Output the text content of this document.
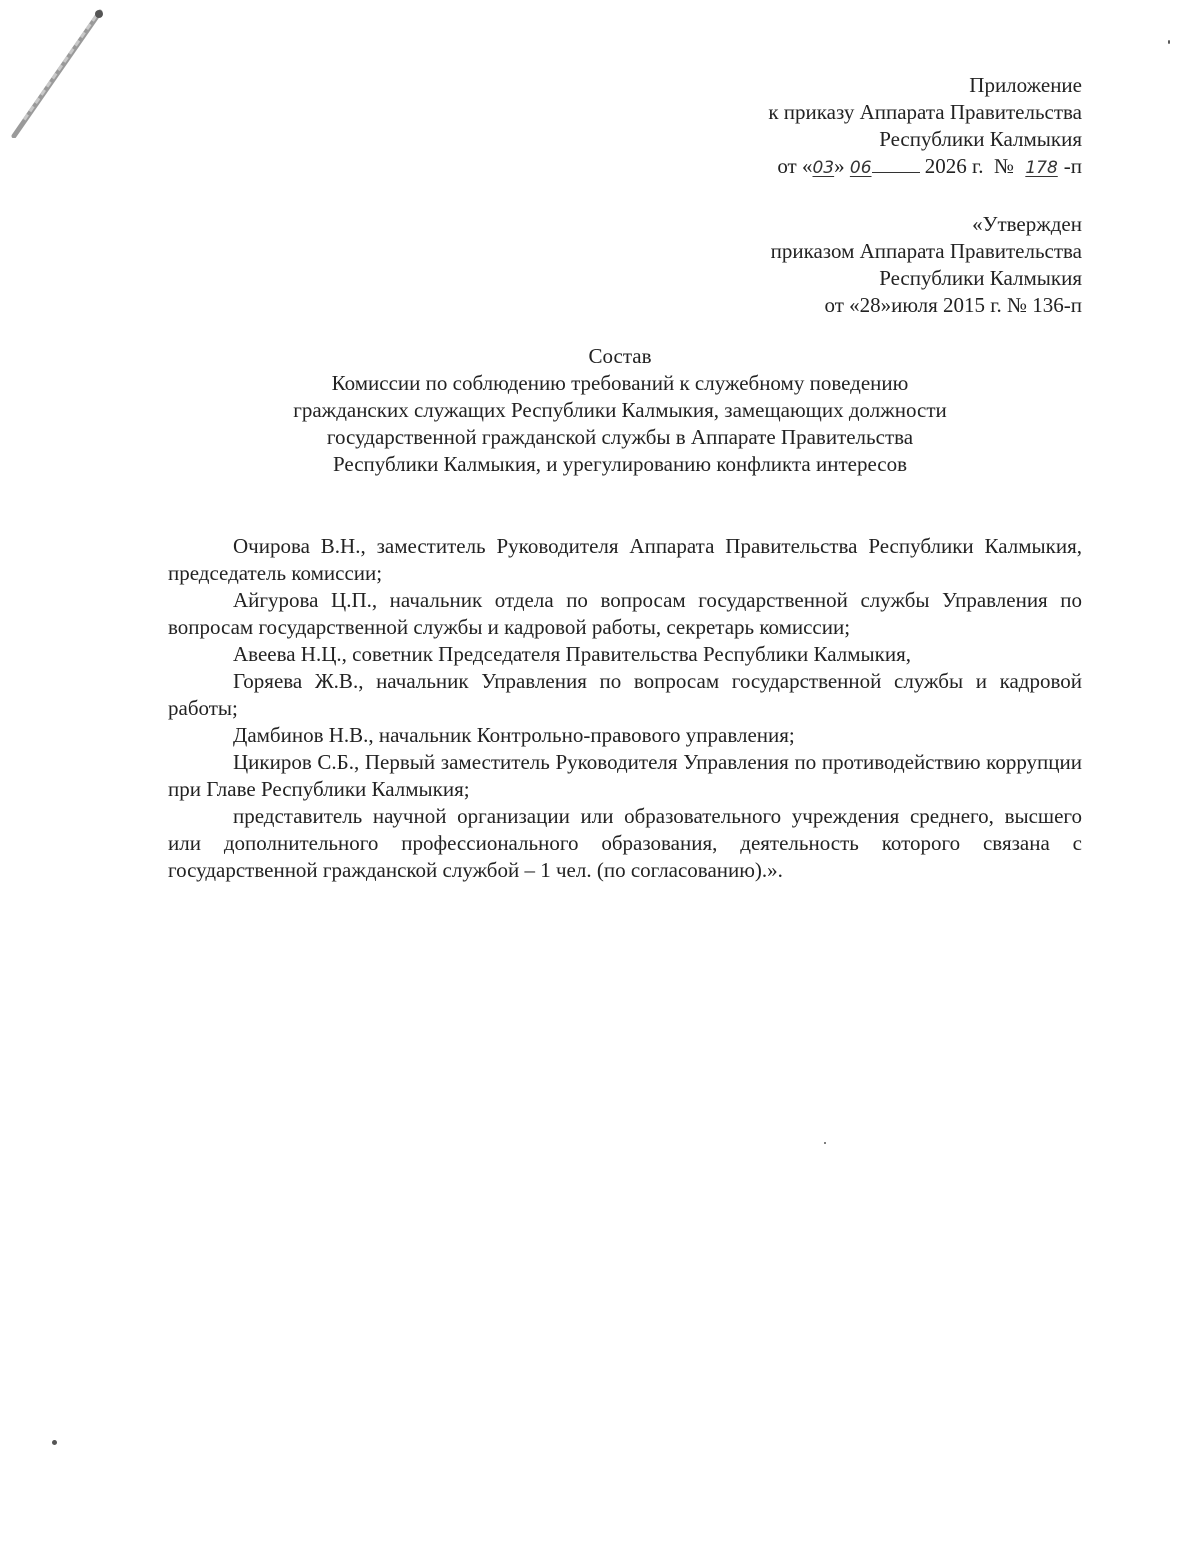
Приложение
к приказу Аппарата Правительства
Республики Калмыкия
от «03» 06	2026 г. № 178 -п
«Утвержден
приказом Аппарата Правительства
Республики Калмыкия
от «28»июля 2015 г. № 136-п
Состав
Комиссии по соблюдению требований к служебному поведению
гражданских служащих Республики Калмыкия, замещающих должности
государственной гражданской службы в Аппарате Правительства
Республики Калмыкия, и урегулированию конфликта интересов

Очирова В.Н., заместитель Руководителя Аппарата Правительства Республики Калмыкия, председатель комиссии;

Айгурова Ц.П., начальник отдела по вопросам государственной службы Управления по вопросам государственной службы и кадровой работы, секретарь комиссии;

Авеева Н.Ц., советник Председателя Правительства Республики Калмыкия,

Горяева Ж.В., начальник Управления по вопросам государственной службы и кадровой работы;

Дамбинов Н.В., начальник Контрольно-правового управления;

Цикиров С.Б., Первый заместитель Руководителя Управления по противодействию коррупции при Главе Республики Калмыкия;

представитель научной организации или образовательного учреждения среднего, высшего или дополнительного профессионального образования, деятельность которого связана с государственной гражданской службой – 1 чел. (по согласованию).».
